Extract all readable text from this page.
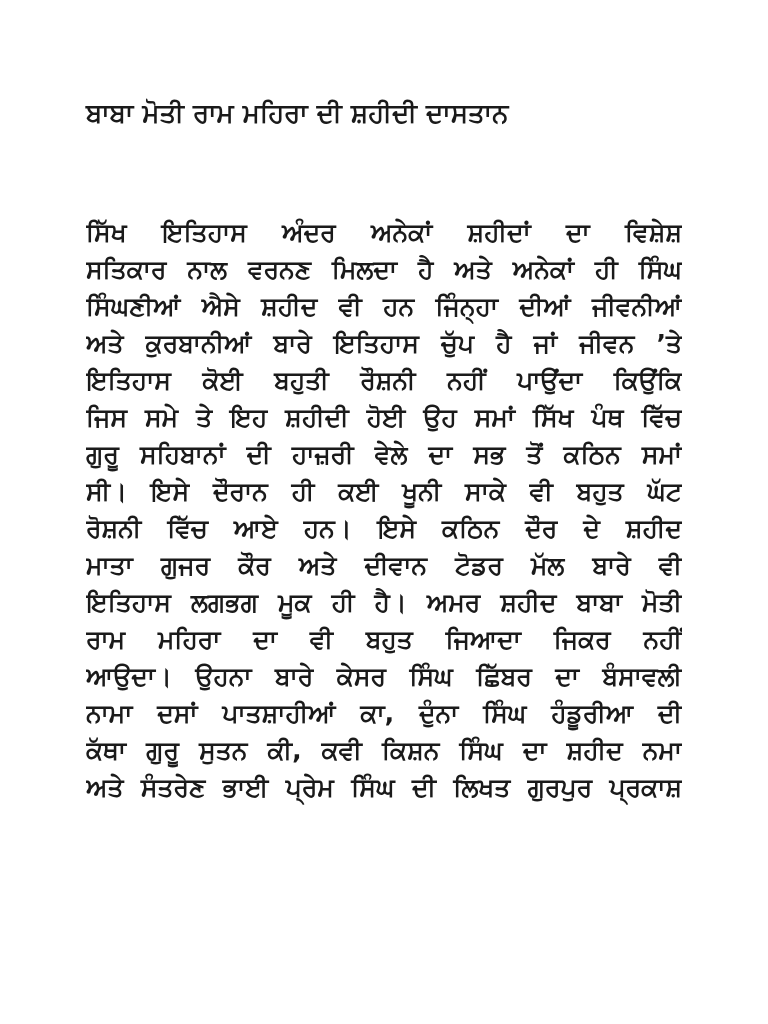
ਬਾਬਾ ਮੋਤੀ ਰਾਮ ਮਹਿਰਾ ਦੀ ਸ਼ਹੀਦੀ ਦਾਸਤਾਨ
ਸਿੱਖ ਇਤਿਹਾਸ ਅੰਦਰ ਅਨੇਕਾਂ ਸ਼ਹੀਦਾਂ ਦਾ ਵਿਸ਼ੇਸ਼
ਸਤਿਕਾਰ ਨਾਲ ਵਰਨਣ ਮਿਲਦਾ ਹੈ ਅਤੇ ਅਨੇਕਾਂ ਹੀ ਸਿੰਘ
ਸਿੰਘਣੀਆਂ ਐਸੇ ਸ਼ਹੀਦ ਵੀ ਹਨ ਜਿੰਨ੍ਹਾ ਦੀਆਂ ਜੀਵਨੀਆਂ
ਅਤੇ ਕੁਰਬਾਨੀਆਂ ਬਾਰੇ ਇਤਿਹਾਸ ਚੁੱਪ ਹੈ ਜਾਂ ਜੀਵਨ ’ਤੇ
ਇਤਿਹਾਸ ਕੋਈ ਬਹੁਤੀ ਰੌਸ਼ਨੀ ਨਹੀਂ ਪਾਉਂਦਾ ਕਿਉਂਕਿ
ਜਿਸ ਸਮੇ ਤੇ ਇਹ ਸ਼ਹੀਦੀ ਹੋਈ ਉਹ ਸਮਾਂ ਸਿੱਖ ਪੰਥ ਵਿੱਚ
ਗੁਰੂ ਸਹਿਬਾਨਾਂ ਦੀ ਹਾਜ਼ਰੀ ਵੇਲੇ ਦਾ ਸਭ ਤੋਂ ਕਠਿਨ ਸਮਾਂ
ਸੀ। ਇਸੇ ਦੌਰਾਨ ਹੀ ਕਈ ਖੂਨੀ ਸਾਕੇ ਵੀ ਬਹੁਤ ਘੱਟ
ਰੋਸ਼ਨੀ ਵਿੱਚ ਆਏ ਹਨ। ਇਸੇ ਕਠਿਨ ਦੌਰ ਦੇ ਸ਼ਹੀਦ
ਮਾਤਾ ਗੁਜਰ ਕੌਰ ਅਤੇ ਦੀਵਾਨ ਟੋਡਰ ਮੱਲ ਬਾਰੇ ਵੀ
ਇਤਿਹਾਸ ਲਗਭਗ ਮੂਕ ਹੀ ਹੈ। ਅਮਰ ਸ਼ਹੀਦ ਬਾਬਾ ਮੋਤੀ
ਰਾਮ ਮਹਿਰਾ ਦਾ ਵੀ ਬਹੁਤ ਜਿਆਦਾ ਜਿਕਰ ਨਹੀਂ
ਆਉਦਾ। ਉਹਨਾ ਬਾਰੇ ਕੇਸਰ ਸਿੰਘ ਛਿੱਬਰ ਦਾ ਬੰਸਾਵਲੀ
ਨਾਮਾ ਦਸਾਂ ਪਾਤਸ਼ਾਹੀਆਂ ਕਾ, ਦੁੰਨਾ ਸਿੰਘ ਹੰਡੂਰੀਆ ਦੀ
ਕੱਥਾ ਗੁਰੂ ਸੁਤਨ ਕੀ, ਕਵੀ ਕਿਸ਼ਨ ਸਿੰਘ ਦਾ ਸ਼ਹੀਦ ਨਮਾ
ਅਤੇ ਸੰਤਰੇਣ ਭਾਈ ਪ੍ਰੇਮ ਸਿੰਘ ਦੀ ਲਿਖਤ ਗੁਰਪੁਰ ਪ੍ਰਕਾਸ਼
